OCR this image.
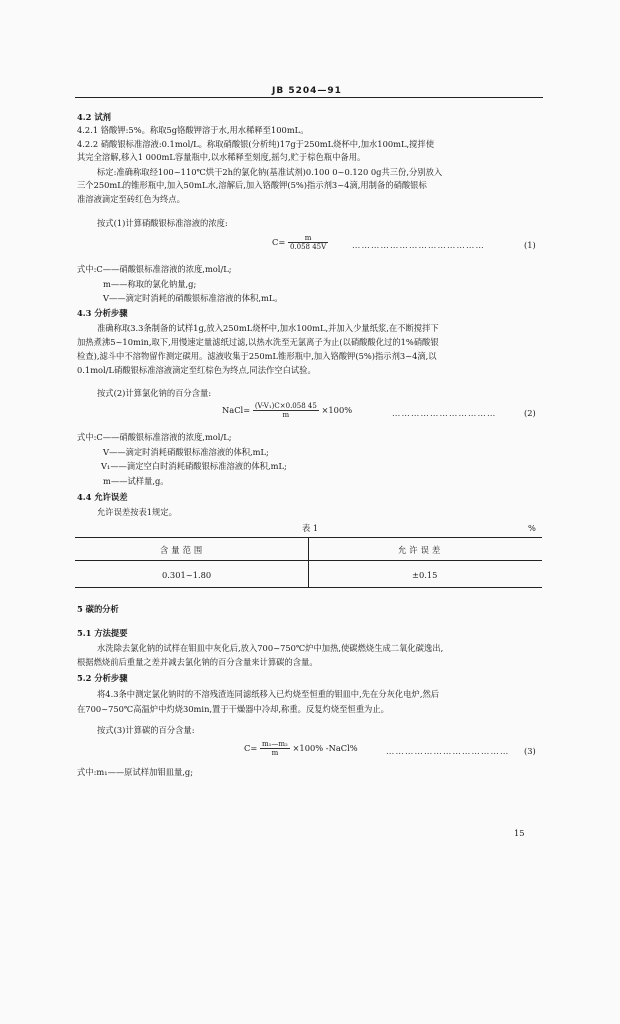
JB 5204—91
4.2 试剂
4.2.1 铬酸钾:5%。称取5g铬酸钾溶于水,用水稀释至100mL。
4.2.2 硝酸银标准溶液:0.1mol/L。称取硝酸银(分析纯)17g于250mL烧杯中,加水100mL,搅拌使
其完全溶解,移入1 000mL容量瓶中,以水稀释至刻度,摇匀,贮于棕色瓶中备用。
标定:准确称取经100~110℃烘干2h的氯化钠(基准试剂)0.100 0~0.120 0g共三份,分别放入
三个250mL的锥形瓶中,加入50mL水,溶解后,加入铬酸钾(5%)指示剂3~4滴,用制备的硝酸银标
准溶液滴定至砖红色为终点。
按式(1)计算硝酸银标准溶液的浓度:
$C= \frac{m}{0.058 45V}$	……………………………………	(1)
式中:C——硝酸银标准溶液的浓度,mol/L;
m——称取的氯化钠量,g;
V——滴定时消耗的硝酸银标准溶液的体积,mL。
4.3 分析步骤
准确称取3.3条制备的试样1g,放入250mL烧杯中,加水100mL,并加入少量纸浆,在不断搅拌下
加热煮沸5~10min,取下,用慢速定量滤纸过滤,以热水洗至无氯离子为止(以硝酸酸化过的1%硝酸银
检查),滤斗中不溶物留作测定碳用。滤液收集于250mL锥形瓶中,加入铬酸钾(5%)指示剂3~4滴,以
0.1mol/L硝酸银标准溶液滴定至红棕色为终点,同法作空白试验。
按式(2)计算氯化钠的百分含量:
NaCl= $\frac{\text{(V-V₁)C×0.058 45}}{m} \times 100\%$	……………………………	(2)
式中:C——硝酸银标准溶液的浓度,mol/L;
V——滴定时消耗硝酸银标准溶液的体积,mL;
V₁——滴定空白时消耗硝酸银标准溶液的体积,mL;
m——试样量,g。
4.4 允许误差
允许误差按表1规定。
表 1	%
含量范围	允许误差
0.301~1.80	±0.15
5 碳的分析
5.1 方法提要
水洗除去氯化钠的试样在钼皿中灰化后,放入700~750℃炉中加热,使碳燃烧生成二氧化碳逸出,
根据燃烧前后重量之差并减去氯化钠的百分含量来计算碳的含量。
5.2 分析步骤
将4.3条中测定氯化钠时的不溶残渣连同滤纸移入已灼烧至恒重的钼皿中,先在分灰化电炉,然后
在700~750℃高温炉中灼烧30min,置于干燥器中冷却,称重。反复灼烧至恒重为止。
按式(3)计算碳的百分含量:
$C= \frac{\text{m₁—m₂}}{m} \times 100\%$ -NaCl%	………………………………… (3)
式中:m₁——原试样加钼皿量,g;
15
